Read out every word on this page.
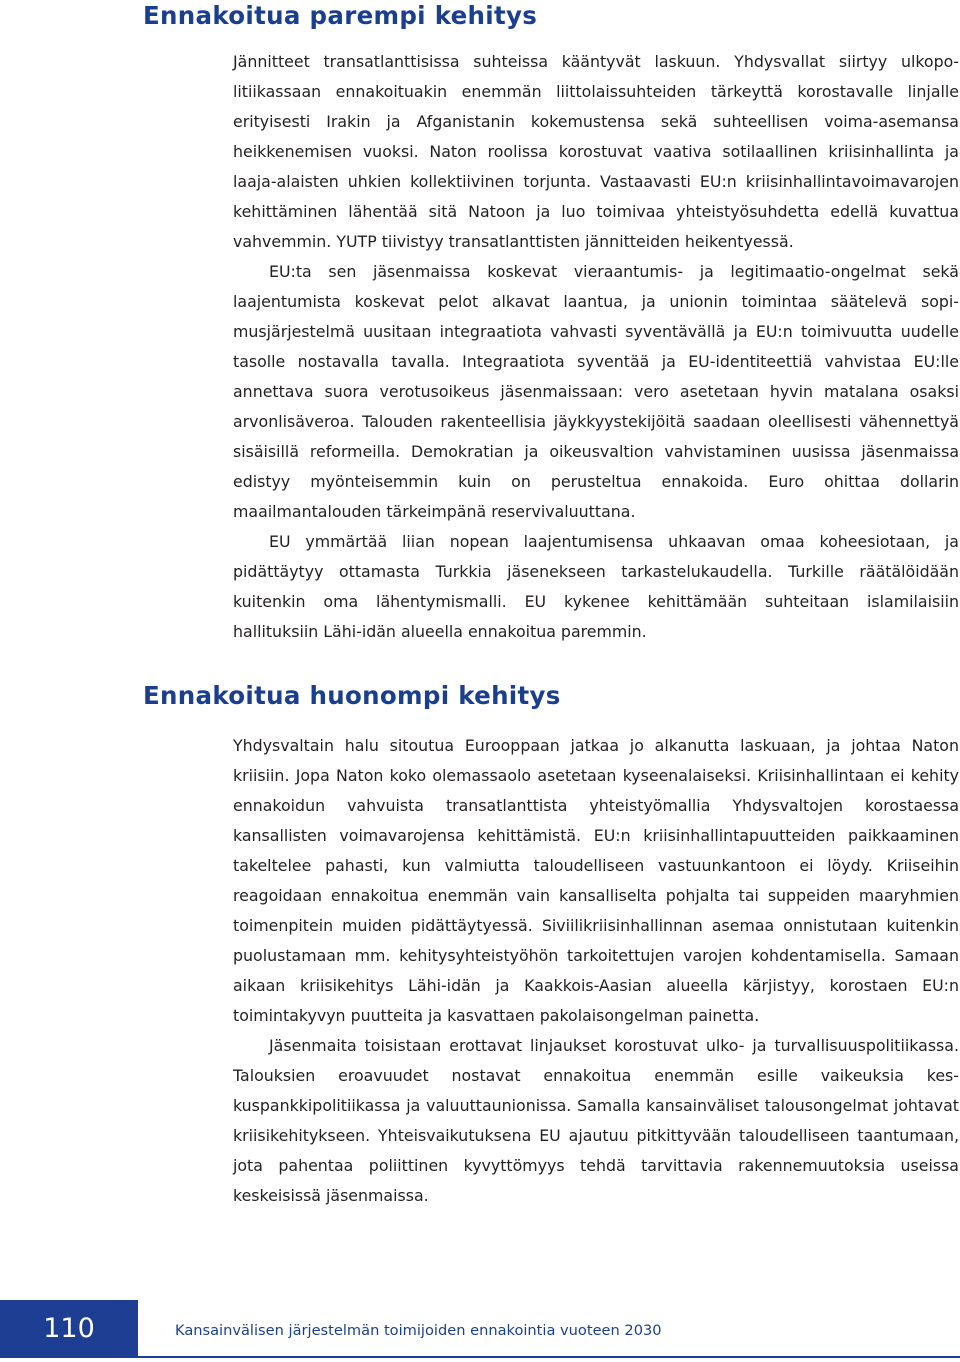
Ennakoitua parempi kehitys

Jännitteet transatlanttisissa suhteissa kääntyvät laskuun. Yhdysvallat siirtyy ulkopolitiikassaan ennakoituakin enemmän liittolaissuhteiden tärkeyttä korostavalle linjalle erityisesti Irakin ja Afganistanin kokemustensa sekä suhteellisen voima-asemansa heikkenemisen vuoksi. Naton roolissa korostuvat vaativa sotilaallinen kriisinhallinta ja laaja-alaisten uhkien kollektiivinen torjunta. Vastaavasti EU:n kriisinhallintavoimavarojen kehittäminen lähentää sitä Natoon ja luo toimivaa yhteistyösuhdetta edellä kuvattua vahvemmin. YUTP tiivistyy transatlanttisten jännitteiden heikentyessä.

EU:ta sen jäsenmaissa koskevat vieraantumis- ja legitimaatio-ongelmat sekä laajentumista koskevat pelot alkavat laantua, ja unionin toimintaa säätelevä sopimusjärjestelmä uusitaan integraatiota vahvasti syventävällä ja EU:n toimivuutta uudelle tasolle nostavalla tavalla. Integraatiota syventää ja EU-identiteettiä vahvistaa EU:lle annettava suora verotusoikeus jäsenmaissaan: vero asetetaan hyvin matalana osaksi arvonlisäveroa. Talouden rakenteellisia jäykkyystekijöitä saadaan oleellisesti vähennettyä sisäisillä reformeilla. Demokratian ja oikeusvaltion vahvistaminen uusissa jäsenmaissa edistyy myönteisemmin kuin on perusteltua ennakoida. Euro ohittaa dollarin maailmantalouden tärkeimpänä reservivaluuttana.

EU ymmärtää liian nopean laajentumisensa uhkaavan omaa koheesiotaan, ja pidättäytyy ottamasta Turkkia jäsenekseen tarkastelukaudella. Turkille räätälöidään kuitenkin oma lähentymismalli. EU kykenee kehittämään suhteitaan islamilaisiin hallituksiin Lähi-idän alueella ennakoitua paremmin.

Ennakoitua huonompi kehitys

Yhdysvaltain halu sitoutua Eurooppaan jatkaa jo alkanutta laskuaan, ja johtaa Naton kriisiin. Jopa Naton koko olemassaolo asetetaan kyseenalaiseksi. Kriisinhallintaan ei kehity ennakoidun vahvuista transatlanttista yhteistyömallia Yhdysvaltojen korostaessa kansallisten voimavarojensa kehittämistä. EU:n kriisinhallintapuutteiden paikkaaminen takeltelee pahasti, kun valmiutta taloudelliseen vastuunkantoon ei löydy. Kriiseihin reagoidaan ennakoitua enemmän vain kansalliselta pohjalta tai suppeiden maaryhmien toimenpitein muiden pidättäytyessä. Siviilikriisinhallinnan asemaa onnistutaan kuitenkin puolustamaan mm. kehitysyhteistyöhön tarkoitettujen varojen kohdentamisella. Samaan aikaan kriisikehitys Lähi-idän ja Kaakkois-Aasian alueella kärjistyy, korostaen EU:n toimintakyvyn puutteita ja kasvattaen pakolaisongelman painetta.

Jäsenmaita toisistaan erottavat linjaukset korostuvat ulko- ja turvallisuuspolitiikassa. Talouksien eroavuudet nostavat ennakoitua enemmän esille vaikeuksia keskuspankkipolitiikassa ja valuuttaunionissa. Samalla kansainväliset talousongelmat johtavat kriisikehitykseen. Yhteisvaikutuksena EU ajautuu pitkittyvään taloudelliseen taantumaan, jota pahentaa poliittinen kyvyttömyys tehdä tarvittavia rakennemuutoksia useissa keskeisissä jäsenmaissa.

110	Kansainvälisen järjestelmän toimijoiden ennakointia vuoteen 2030
